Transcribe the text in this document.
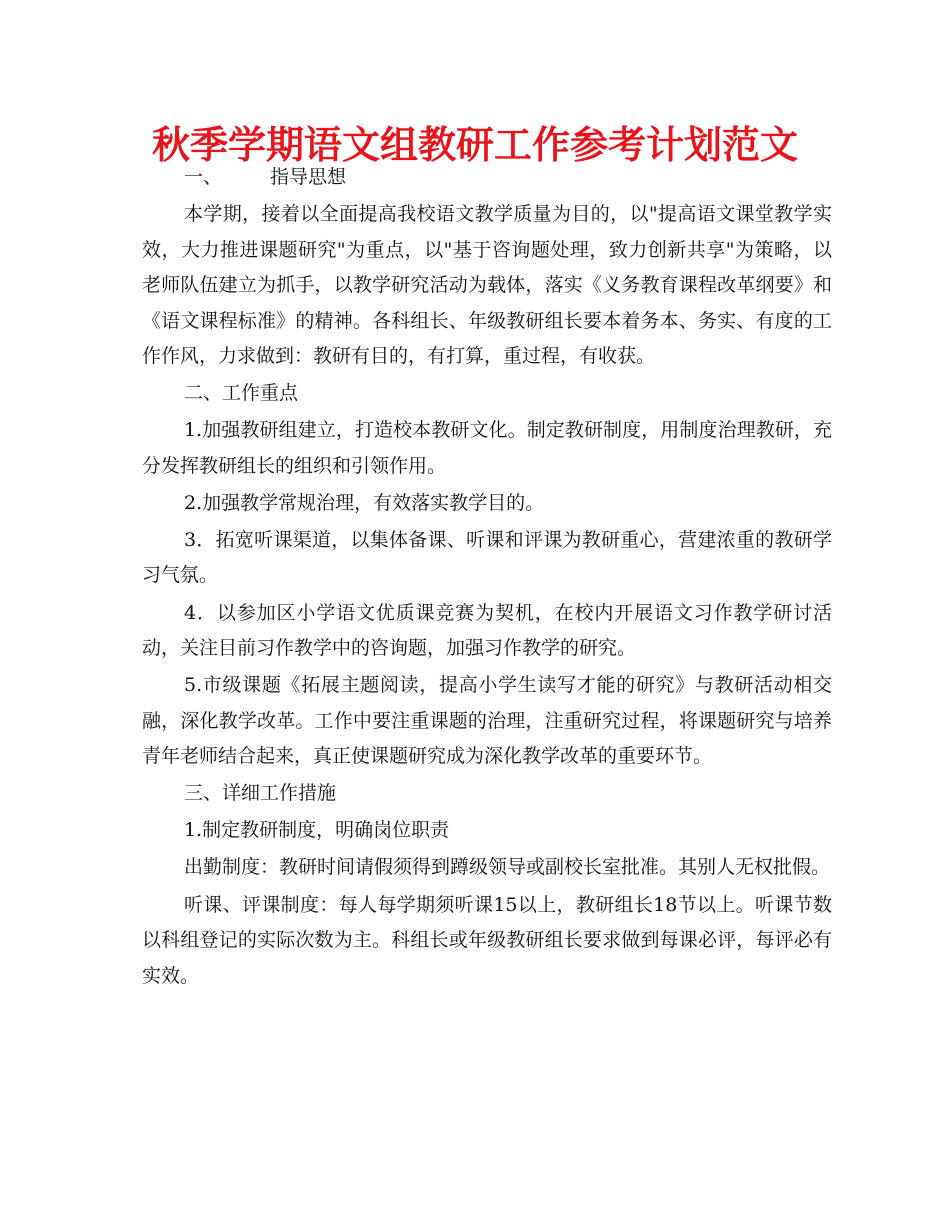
秋季学期语文组教研工作参考计划范文
一、	指导思想

本学期，接着以全面提高我校语文教学质量为目的，以"提高语文课堂教学实效，大力推进课题研究"为重点，以"基于咨询题处理，致力创新共享"为策略，以老师队伍建立为抓手，以教学研究活动为载体，落实《义务教育课程改革纲要》和《语文课程标准》的精神。各科组长、年级教研组长要本着务本、务实、有度的工作作风，力求做到：教研有目的，有打算，重过程，有收获。

二、工作重点

1.加强教研组建立，打造校本教研文化。制定教研制度，用制度治理教研，充分发挥教研组长的组织和引领作用。

2.加强教学常规治理，有效落实教学目的。

3．拓宽听课渠道，以集体备课、听课和评课为教研重心，营建浓重的教研学习气氛。

4．以参加区小学语文优质课竞赛为契机，在校内开展语文习作教学研讨活动，关注目前习作教学中的咨询题，加强习作教学的研究。

5.市级课题《拓展主题阅读，提高小学生读写才能的研究》与教研活动相交融，深化教学改革。工作中要注重课题的治理，注重研究过程，将课题研究与培养青年老师结合起来，真正使课题研究成为深化教学改革的重要环节。

三、详细工作措施

1.制定教研制度，明确岗位职责

出勤制度：教研时间请假须得到蹲级领导或副校长室批准。其别人无权批假。

听课、评课制度：每人每学期须听课15以上，教研组长18节以上。听课节数以科组登记的实际次数为主。科组长或年级教研组长要求做到每课必评，每评必有实效。
